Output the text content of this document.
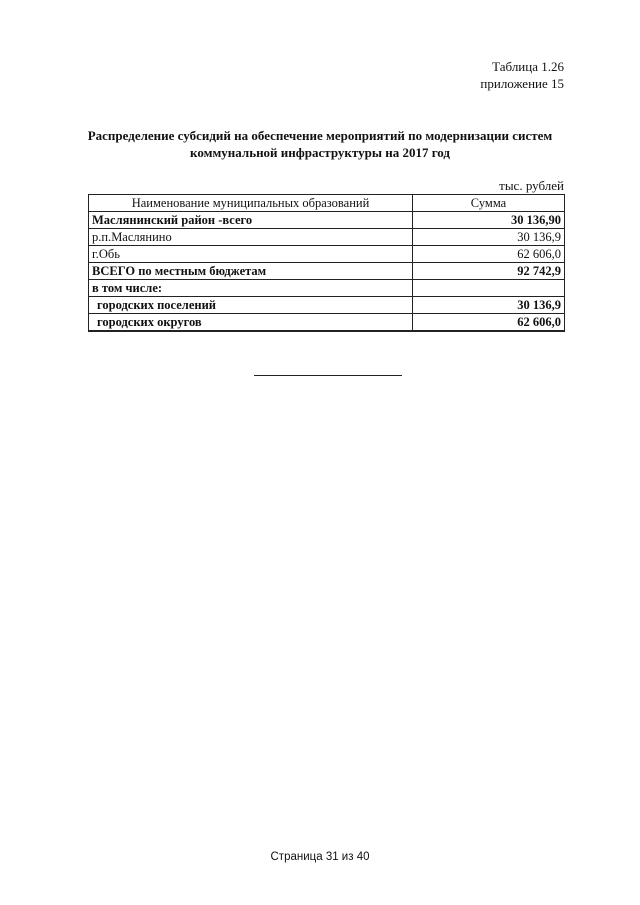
Таблица 1.26
приложение 15
Распределение субсидий на обеспечение мероприятий по модернизации систем
коммунальной инфраструктуры на 2017 год
тыс. рублей
Наименование муниципальных образований	Сумма
Маслянинский район -всего	30 136,90
р.п.Маслянино	30 136,9
г.Обь	62 606,0
ВСЕГО по местным бюджетам	92 742,9
в том числе:	
городских поселений	30 136,9
городских округов	62 606,0
Страница 31 из 40
